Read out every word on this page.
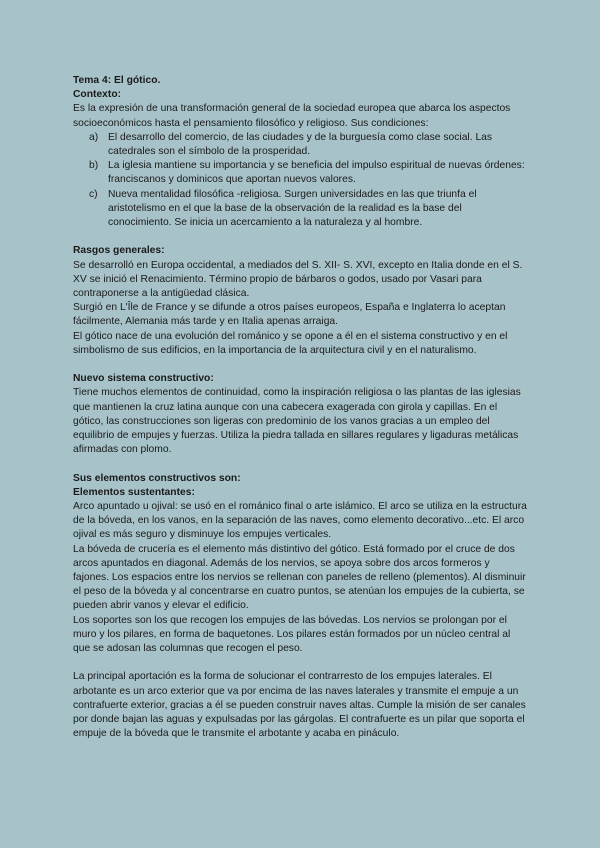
Tema 4: El gótico.

Contexto:

Es la expresión de una transformación general de la sociedad europea que abarca los aspectos socioeconómicos hasta el pensamiento filosófico y religioso. Sus condiciones:

a) El desarrollo del comercio, de las ciudades y de la burguesía como clase social. Las catedrales son el símbolo de la prosperidad.
b) La iglesia mantiene su importancia y se beneficia del impulso espiritual de nuevas órdenes: franciscanos y dominicos que aportan nuevos valores.
c) Nueva mentalidad filosófica -religiosa. Surgen universidades en las que triunfa el aristotelismo en el que la base de la observación de la realidad es la base del conocimiento. Se inicia un acercamiento a la naturaleza y al hombre.

Rasgos generales:

Se desarrolló en Europa occidental, a mediados del S. XII- S. XVI, excepto en Italia donde en el S. XV se inició el Renacimiento. Término propio de bárbaros o godos, usado por Vasari para contraponerse a la antigüedad clásica.

Surgió en L'Île de France y se difunde a otros países europeos, España e Inglaterra lo aceptan fácilmente, Alemania más tarde y en Italia apenas arraiga.

El gótico nace de una evolución del románico y se opone a él en el sistema constructivo y en el simbolismo de sus edificios, en la importancia de la arquitectura civil y en el naturalismo.

Nuevo sistema constructivo:

Tiene muchos elementos de continuidad, como la inspiración religiosa o las plantas de las iglesias que mantienen la cruz latina aunque con una cabecera exagerada con girola y capillas. En el gótico, las construcciones son ligeras con predominio de los vanos gracias a un empleo del equilibrio de empujes y fuerzas. Utiliza la piedra tallada en sillares regulares y ligaduras metálicas afirmadas con plomo.

Sus elementos constructivos son:

Elementos sustentantes:

Arco apuntado u ojival: se usó en el románico final o arte islámico. El arco se utiliza en la estructura de la bóveda, en los vanos, en la separación de las naves, como elemento decorativo...etc. El arco ojival es más seguro y disminuye los empujes verticales.

La bóveda de crucería es el elemento más distintivo del gótico. Está formado por el cruce de dos arcos apuntados en diagonal. Además de los nervios, se apoya sobre dos arcos formeros y fajones. Los espacios entre los nervios se rellenan con paneles de relleno (plementos). Al disminuir el peso de la bóveda y al concentrarse en cuatro puntos, se atenúan los empujes de la cubierta, se pueden abrir vanos y elevar el edificio.

Los soportes son los que recogen los empujes de las bóvedas. Los nervios se prolongan por el muro y los pilares, en forma de baquetones. Los pilares están formados por un núcleo central al que se adosan las columnas que recogen el peso.

La principal aportación es la forma de solucionar el contrarresto de los empujes laterales. El arbotante es un arco exterior que va por encima de las naves laterales y transmite el empuje a un contrafuerte exterior, gracias a él se pueden construir naves altas. Cumple la misión de ser canales por donde bajan las aguas y expulsadas por las gárgolas. El contrafuerte es un pilar que soporta el empuje de la bóveda que le transmite el arbotante y acaba en pináculo.
